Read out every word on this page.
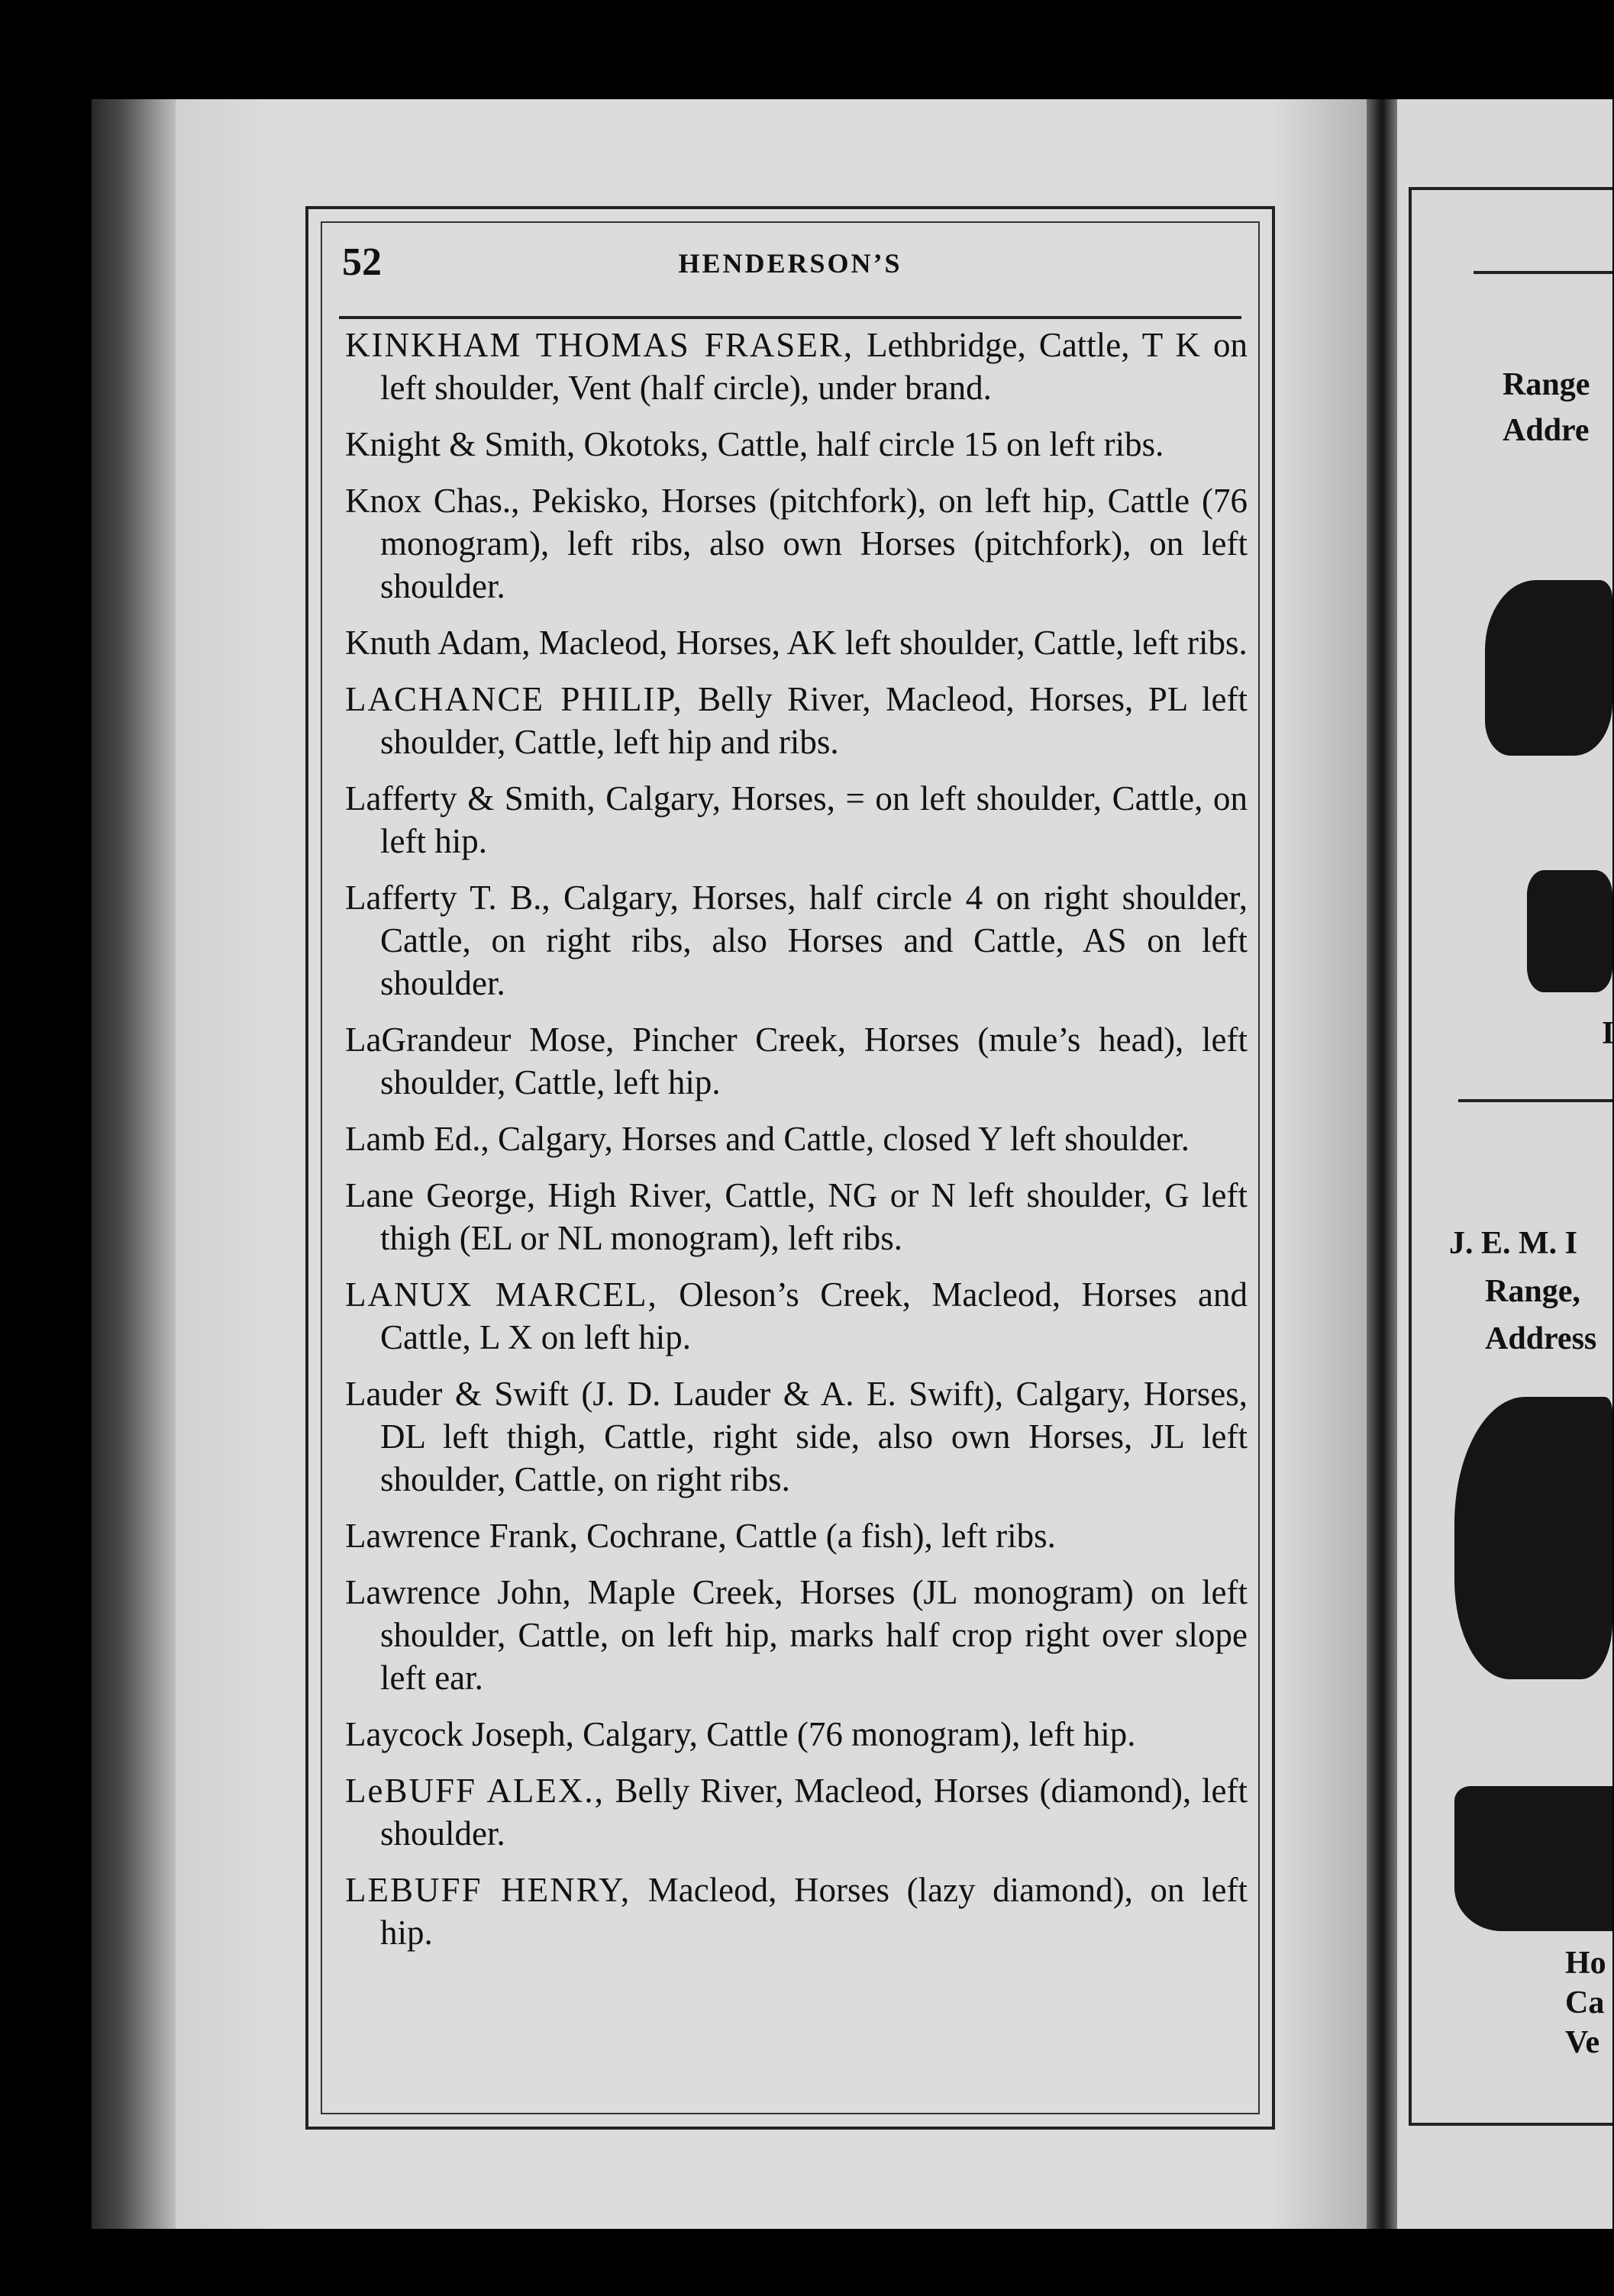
52	HENDERSON’S
KINKHAM THOMAS FRASER, Lethbridge, Cattle, T K on left shoulder, Vent (half circle), under brand.
Knight & Smith, Okotoks, Cattle, half circle 15 on left ribs.
Knox Chas., Pekisko, Horses (pitchfork), on left hip, Cattle (76 monogram), left ribs, also own Horses (pitchfork), on left shoulder.
Knuth Adam, Macleod, Horses, AK left shoulder, Cattle, left ribs.
LACHANCE PHILIP, Belly River, Macleod, Horses, PL left shoulder, Cattle, left hip and ribs.
Lafferty & Smith, Calgary, Horses, = on left shoulder, Cattle, on left hip.
Lafferty T. B., Calgary, Horses, half circle 4 on right shoulder, Cattle, on right ribs, also Horses and Cattle, AS on left shoulder.
LaGrandeur Mose, Pincher Creek, Horses (mule’s head), left shoulder, Cattle, left hip.
Lamb Ed., Calgary, Horses and Cattle, closed Y left shoulder.
Lane George, High River, Cattle, NG or N left shoulder, G left thigh (EL or NL monogram), left ribs.
LANUX MARCEL, Oleson’s Creek, Macleod, Horses and Cattle, L X on left hip.
Lauder & Swift (J. D. Lauder & A. E. Swift), Calgary, Horses, DL left thigh, Cattle, right side, also own Horses, JL left shoulder, Cattle, on right ribs.
Lawrence Frank, Cochrane, Cattle (a fish), left ribs.
Lawrence John, Maple Creek, Horses (JL monogram) on left shoulder, Cattle, on left hip, marks half crop right over slope left ear.
Laycock Joseph, Calgary, Cattle (76 monogram), left hip.
LeBUFF ALEX., Belly River, Macleod, Horses (diamond), left shoulder.
LEBUFF HENRY, Macleod, Horses (lazy diamond), on left hip.
Range
Addre
I
J. E. M. I
Range,
Address
Ho
Ca
Ve
